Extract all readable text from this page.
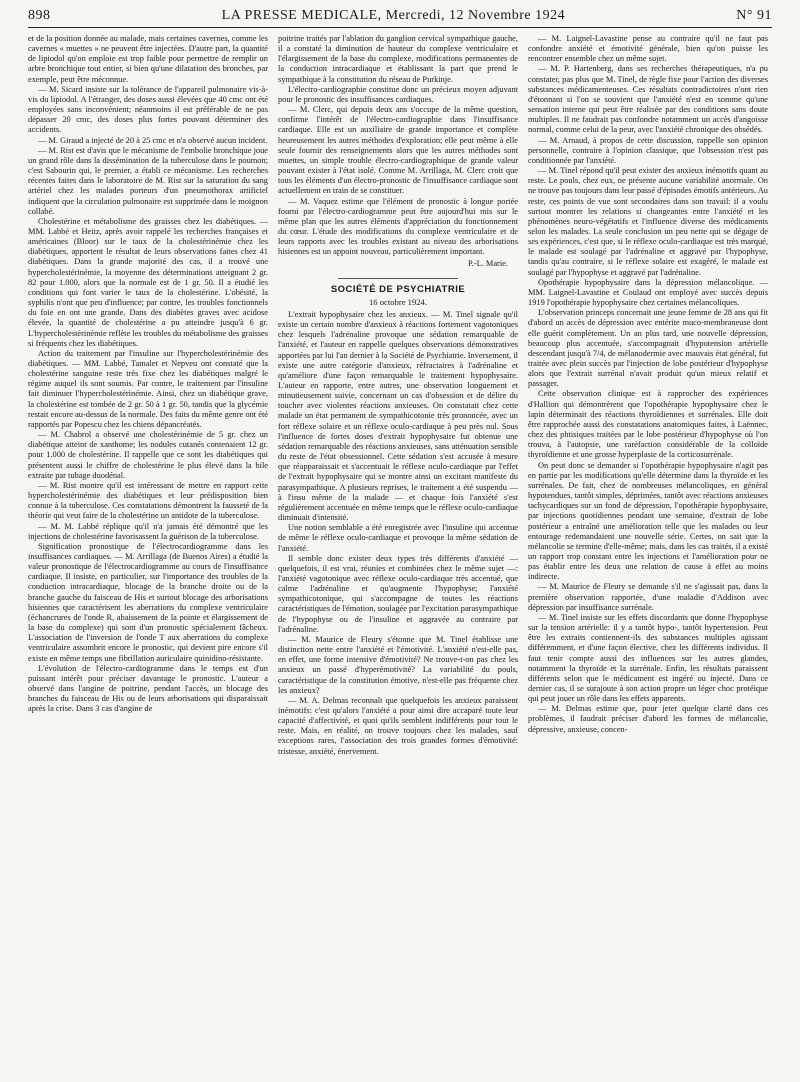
898	LA PRESSE MEDICALE, Mercredi, 12 Novembre 1924	N° 91

et de la position donnée au malade, mais certaines cavernes, comme les cavernes « muettes » ne peuvent être injectées. D'autre part, la quantité de lipiodol qu'on emploie est trop faible pour permettre de remplir un arbre bronchique tout entier, si bien qu'une dilatation des bronches, par exemple, peut être méconnue.

— M. Sicard insiste sur la tolérance de l'appareil pulmonaire vis-à-vis du lipiodol. A l'étranger, des doses aussi élevées que 40 cmc ont été employées sans inconvénient; néanmoins il est préférable de ne pas dépasser 20 cmc, des doses plus fortes pouvant déterminer des accidents.

— M. Giraud a injecté de 20 à 25 cmc et n'a observé aucun incident.

— M. Rist est d'avis que le mécanisme de l'embolie bronchique joue un grand rôle dans la dissémination de la tuberculose dans le poumon; c'est Sabourin qui, le premier, a établi ce mécanisme. Les recherches récentes faites dans le laboratoire de M. Rist sur la saturation du sang artériel chez les malades porteurs d'un pneumothorax artificiel indiquent que la circulation pulmonaire est supprimée dans le moignon collabé.

Cholestérine et métabolisme des graisses chez les diabétiques. — MM. Labbé et Heitz, après avoir rappelé les recherches françaises et américaines (Bloor) sur le taux de la cholestérinémie chez les diabétiques, apportent le résultat de leurs observations faites chez 41 diabétiques. Dans la grande majorité des cas, il a trouvé une hypercholestérinémie, la moyenne des déterminations atteignant 2 gr. 82 pour 1.000, alors que la normale est de 1 gr. 50. Il a étudié les conditions qui font varier le taux de la cholestérine. L'obésité, la syphilis n'ont que peu d'influence; par contre, les troubles fonctionnels du foie en ont une grande. Dans des diabètes graves avec acidose élevée, la quantité de cholestérine a pu atteindre jusqu'à 6 gr. L'hypercholestérinémie reflète les troubles du métabolisme des graisses si fréquents chez les diabétiques.

Action du traitement par l'insuline sur l'hypercholestérinémie des diabétiques. — MM. Labbé, Tamalet et Nepveu ont constaté que la cholestérine sanguine reste très fixe chez les diabétiques malgré le régime auquel ils sont soumis. Par contre, le traitement par l'insuline fait diminuer l'hypercholestérinémie. Ainsi, chez un diabétique grave, la cholestérine est tombée de 2 gr. 50 à 1 gr. 50, tandis que la glycémie restait encore au-dessus de la normale. Des faits du même genre ont été rapportés par Popescu chez les chiens dépancréatés.

— M. Chabrol a observé une cholestérinémie de 5 gr. chez un diabétique atteint de xanthome; les nodules cutanés contenaient 12 gr. pour 1.000 de cholestérine. Il rappelle que ce sont les diabétiques qui présentent aussi le chiffre de cholestérine le plus élevé dans la bile extraite par tubage duodénal.

— M. Rist montre qu'il est intéressant de mettre en rapport cette hypercholestérinémie des diabétiques et leur prédisposition bien connue à la tuberculose. Ces constatations démontrent la fausseté de la théorie qui veut faire de la cholestérine un antidote de la tuberculose.

— M. M. Labbé réplique qu'il n'a jamais été démontré que les injections de cholestérine favorisassent la guérison de la tuberculose.

Signification pronostique de l'électrocardiogramme dans les insuffisances cardiaques. — M. Arrillaga (de Buenos Aires) a étudié la valeur pronostique de l'électrocardiogramme au cours de l'insuffisance cardiaque. Il insiste, en particulier, sur l'importance des troubles de la conduction intracardiaque, blocage de la branche droite ou de la branche gauche du faisceau de His et surtout blocage des arborisations hisiennes que caractérisent les aberrations du complexe ventriculaire (échancrures de l'onde R, abaissement de la pointe et élargissement de la base du complexe) qui sont d'un pronostic spécialement fâcheux. L'association de l'inversion de l'onde T aux aberrations du complexe ventriculaire assombrit encore le pronostic, qui devient pire encore s'il existe en même temps une fibrillation auriculaire quinidino-résistante.

L'évolution de l'électro-cardiogramme dans le temps est d'un puissant intérêt pour préciser davantage le pronostic. L'auteur a observé dans l'angine de poitrine, pendant l'accès, un blocage des branches du faisceau de His ou de leurs arborisations qui disparaissait après la crise. Dans 3 cas d'angine de

poitrine traités par l'ablation du ganglion cervical sympathique gauche, il a constaté la diminution de hauteur du complexe ventriculaire et l'élargissement de la base du complexe, modifications permanentes de la conduction intracardiaque et établissant la part que prend le sympathique à la constitution du réseau de Purkinje.

L'électro-cardiographie constitue donc un précieux moyen adjuvant pour le pronostic des insuffisances cardiaques.

— M. Clerc, qui depuis deux ans s'occupe de la même question, confirme l'intérêt de l'électro-cardiographie dans l'insuffisance cardiaque. Elle est un auxiliaire de grande importance et complète heureusement les autres méthodes d'exploration; elle peut même à elle seule fournir des renseignements alors que les autres méthodes sont muettes, un simple trouble électro-cardiographique de grande valeur pouvant exister à l'état isolé. Comme M. Arrillaga, M. Clerc croit que tous les éléments d'un électro-pronostic de l'insuffisance cardiaque sont actuellement en train de se constituer.

— M. Vaquez estime que l'élément de pronostic à longue portée fourni par l'électro-cardiogramme peut être aujourd'hui mis sur le même plan que les autres éléments d'appréciation du fonctionnement du cœur. L'étude des modifications du complexe ventriculaire et de leurs rapports avec les troubles existant au niveau des arborisations hisiennes est un appoint nouveau, particulièrement important.

P.-L. Marie.
SOCIÉTÉ DE PSYCHIATRIE
16 octobre 1924.

L'extrait hypophysaire chez les anxieux. — M. Tinel signale qu'il existe un certain nombre d'anxieux à réactions fortement vagotoniques chez lesquels l'adrénaline provoque une sédation remarquable de l'anxiété, et l'auteur en rappelle quelques observations démonstratives apportées par lui l'an dernier à la Société de Psychiatrie. Inversement, il existe une autre catégorie d'anxieux, réfractaires à l'adrénaline et qu'améliore d'une façon remarquable le traitement hypophysaire. L'auteur en rapporte, entre autres, une observation longuement et minutieusement suivie, concernant un cas d'obsession et de délire du toucher avec violentes réactions anxieuses. On constatait chez cette malade un état permanent de sympathicotonie très prononcée, avec un fort réflexe solaire et un réflexe oculo-cardiaque à peu près nul. Sous l'influence de fortes doses d'extrait hypophysaire fut obtenue une sédation remarquable des réactions anxieuses, sans atténuation sensible du reste de l'état obsessionnel. Cette sédation s'est accusée à mesure que réapparaissait et s'accentuait le réflexe oculo-cardiaque par l'effet de l'extrait hypophysaire qui se montre ainsi un excitant manifeste du parasympathique. A plusieurs reprises, le traitement a été suspendu — à l'insu même de la malade — et chaque fois l'anxiété s'est régulièrement accentuée en même temps que le réflexe oculo-cardiaque diminuait d'intensité.

Une notion semblable a été enregistrée avec l'insuline qui accentue de même le réflexe oculo-cardiaque et provoque la même sédation de l'anxiété.

Il semble donc exister deux types très différents d'anxiété — quelquefois, il est vrai, réunies et combinées chez le même sujet —: l'anxiété vagotonique avec réflexe oculo-cardiaque très accentué, que calme l'adrénaline et qu'augmente l'hypophyse; l'anxiété sympathicotonique, qui s'accompagne de toutes les réactions caractéristiques de l'émotion, soulagée par l'excitation parasympathique de l'hypophyse ou de l'insuline et aggravée au contraire par l'adrénaline.

— M. Maurice de Fleury s'étonne que M. Tinel établisse une distinction nette entre l'anxiété et l'émotivité. L'anxiété n'est-elle pas, en effet, une forme intensive d'émotivité? Ne trouve-t-on pas chez les anxieux un passé d'hyperémotivité? La variabilité du pouls, caractéristique de la constitution émotive, n'est-elle pas fréquente chez les anxieux?

— M. A. Delmas reconnaît que quelquefois les anxieux paraissent inémotifs: c'est qu'alors l'anxiété a pour ainsi dire accaparé toute leur capacité d'affectivité, et quoi qu'ils semblent indifférents pour tout le reste. Mais, en réalité, on trouve toujours chez les malades, sauf exceptions rares, l'association des trois grandes formes d'émotivité: tristesse, anxiété, énervement.

— M. Laignel-Lavastine pense au contraire qu'il ne faut pas confondre anxiété et émotivité générale, bien qu'on puisse les rencontrer ensemble chez un même sujet.

— M. P. Hartenberg, dans ses recherches thérapeutiques, n'a pu constater, pas plus que M. Tinel, de règle fixe pour l'action des diverses substances médicamenteuses. Ces résultats contradictoires n'ont rien d'étonnant si l'on se souvient que l'anxiété n'est en somme qu'une sensation interne qui peut être réalisée par des conditions sans doute multiples. Il ne faudrait pas confondre notamment un accès d'angoisse normal, comme celui de la peur, avec l'anxiété chronique des obsédés.

— M. Arnaud, à propos de cette discussion, rappelle son opinion personnelle, contraire à l'opinion classique, que l'obsession n'est pas conditionnée par l'anxiété.

— M. Tinel répond qu'il peut exister des anxieux inémotifs quant au reste. Le pouls, chez eux, ne présente aucune variabilité anormale. On ne trouve pas toujours dans leur passé d'épisodes émotifs antérieurs. Au reste, ces points de vue sont secondaires dans son travail: il a voulu surtout montrer les relations si changeantes entre l'anxiété et les phénomènes neuro-végétatifs et l'influence diverse des médicaments selon les malades. La seule conclusion un peu nette qui se dégage de ses expériences, c'est que, si le réflexe oculo-cardiaque est très marqué, le malade est soulagé par l'adrénaline et aggravé par l'hypophyse, tandis qu'au contraire, si le réflexe solaire est exagéré, le malade est soulagé par l'hypophyse et aggravé par l'adrénaline.

Opothérapie hypophysaire dans la dépression mélancolique. — MM. Laignel-Lavastine et Coulaud ont employé avec succès depuis 1919 l'opothérapie hypophysaire chez certaines mélancoliques.

L'observation princeps concernait une jeune femme de 28 ans qui fit d'abord un accès de dépression avec entérite muco-membraneuse dont elle guérit complètement. Un an plus tard, une nouvelle dépression, beaucoup plus accentuée, s'accompagnait d'hypotension artérielle descendant jusqu'à 7/4, de mélanodermie avec mauvais état général, fut traitée avec plein succès par l'injection de lobe postérieur d'hypophyse alors que l'extrait surrénal n'avait produit qu'un mieux relatif et passager.

Cette observation clinique est à rapprocher des expériences d'Hallion qui démontrèrent que l'opothérapie hypophysaire chez le lapin déterminait des réactions thyroïdiennes et surrénales. Elle doit être rapprochée aussi des constatations anatomiques faites, à Laënnec, chez des phtisiques traitées par le lobe postérieur d'hypophyse où l'on trouva, à l'autopsie, une raréfaction considérable de la colloïde thyroïdienne et une grosse hyperplasie de la corticosurrénale.

On peut donc se demander si l'opothérapie hypophysaire n'agit pas en partie par les modifications qu'elle détermine dans la thyroïde et les surrénales. De fait, chez de nombreuses mélancoliques, en général hypotendues, tantôt simples, déprimées, tantôt avec réactions anxieuses tachycardiques sur un fond de dépression, l'opothérapie hypophysaire, par injections quotidiennes pendant une semaine, d'extrait de lobe postérieur a entraîné une amélioration telle que les malades ou leur entourage redemandaient une nouvelle série. Certes, on sait que la mélancolie se termine d'elle-même; mais, dans les cas traités, il a existé un rapport trop constant entre les injections et l'amélioration pour ne pas établir entre les deux une relation de cause à effet au moins indirecte.

— M. Maurice de Fleury se demande s'il ne s'agissait pas, dans la première observation rapportée, d'une maladie d'Addison avec dépression par insuffisance surrénale.

— M. Tinel insiste sur les effets discordants que donne l'hypophyse sur la tension artérielle: il y a tantôt hypo-, tantôt hypertension. Peut être les extraits contiennent-ils des substances multiples agissant différemment, et d'une façon élective, chez les différents individus. Il faut tenir compte aussi des influences sur les autres glandes, notamment la thyroïde et la surrénale. Enfin, les résultats paraissent différents selon que le médicament est ingéré ou injecté. Dans ce dernier cas, il se surajoute à son action propre un léger choc protéique qui peut jouer un rôle dans les effets apparents.

— M. Delmas estime que, pour jeter quelque clarté dans ces problèmes, il faudrait préciser d'abord les formes de mélancolie, dépressive, anxieuse, concen-
